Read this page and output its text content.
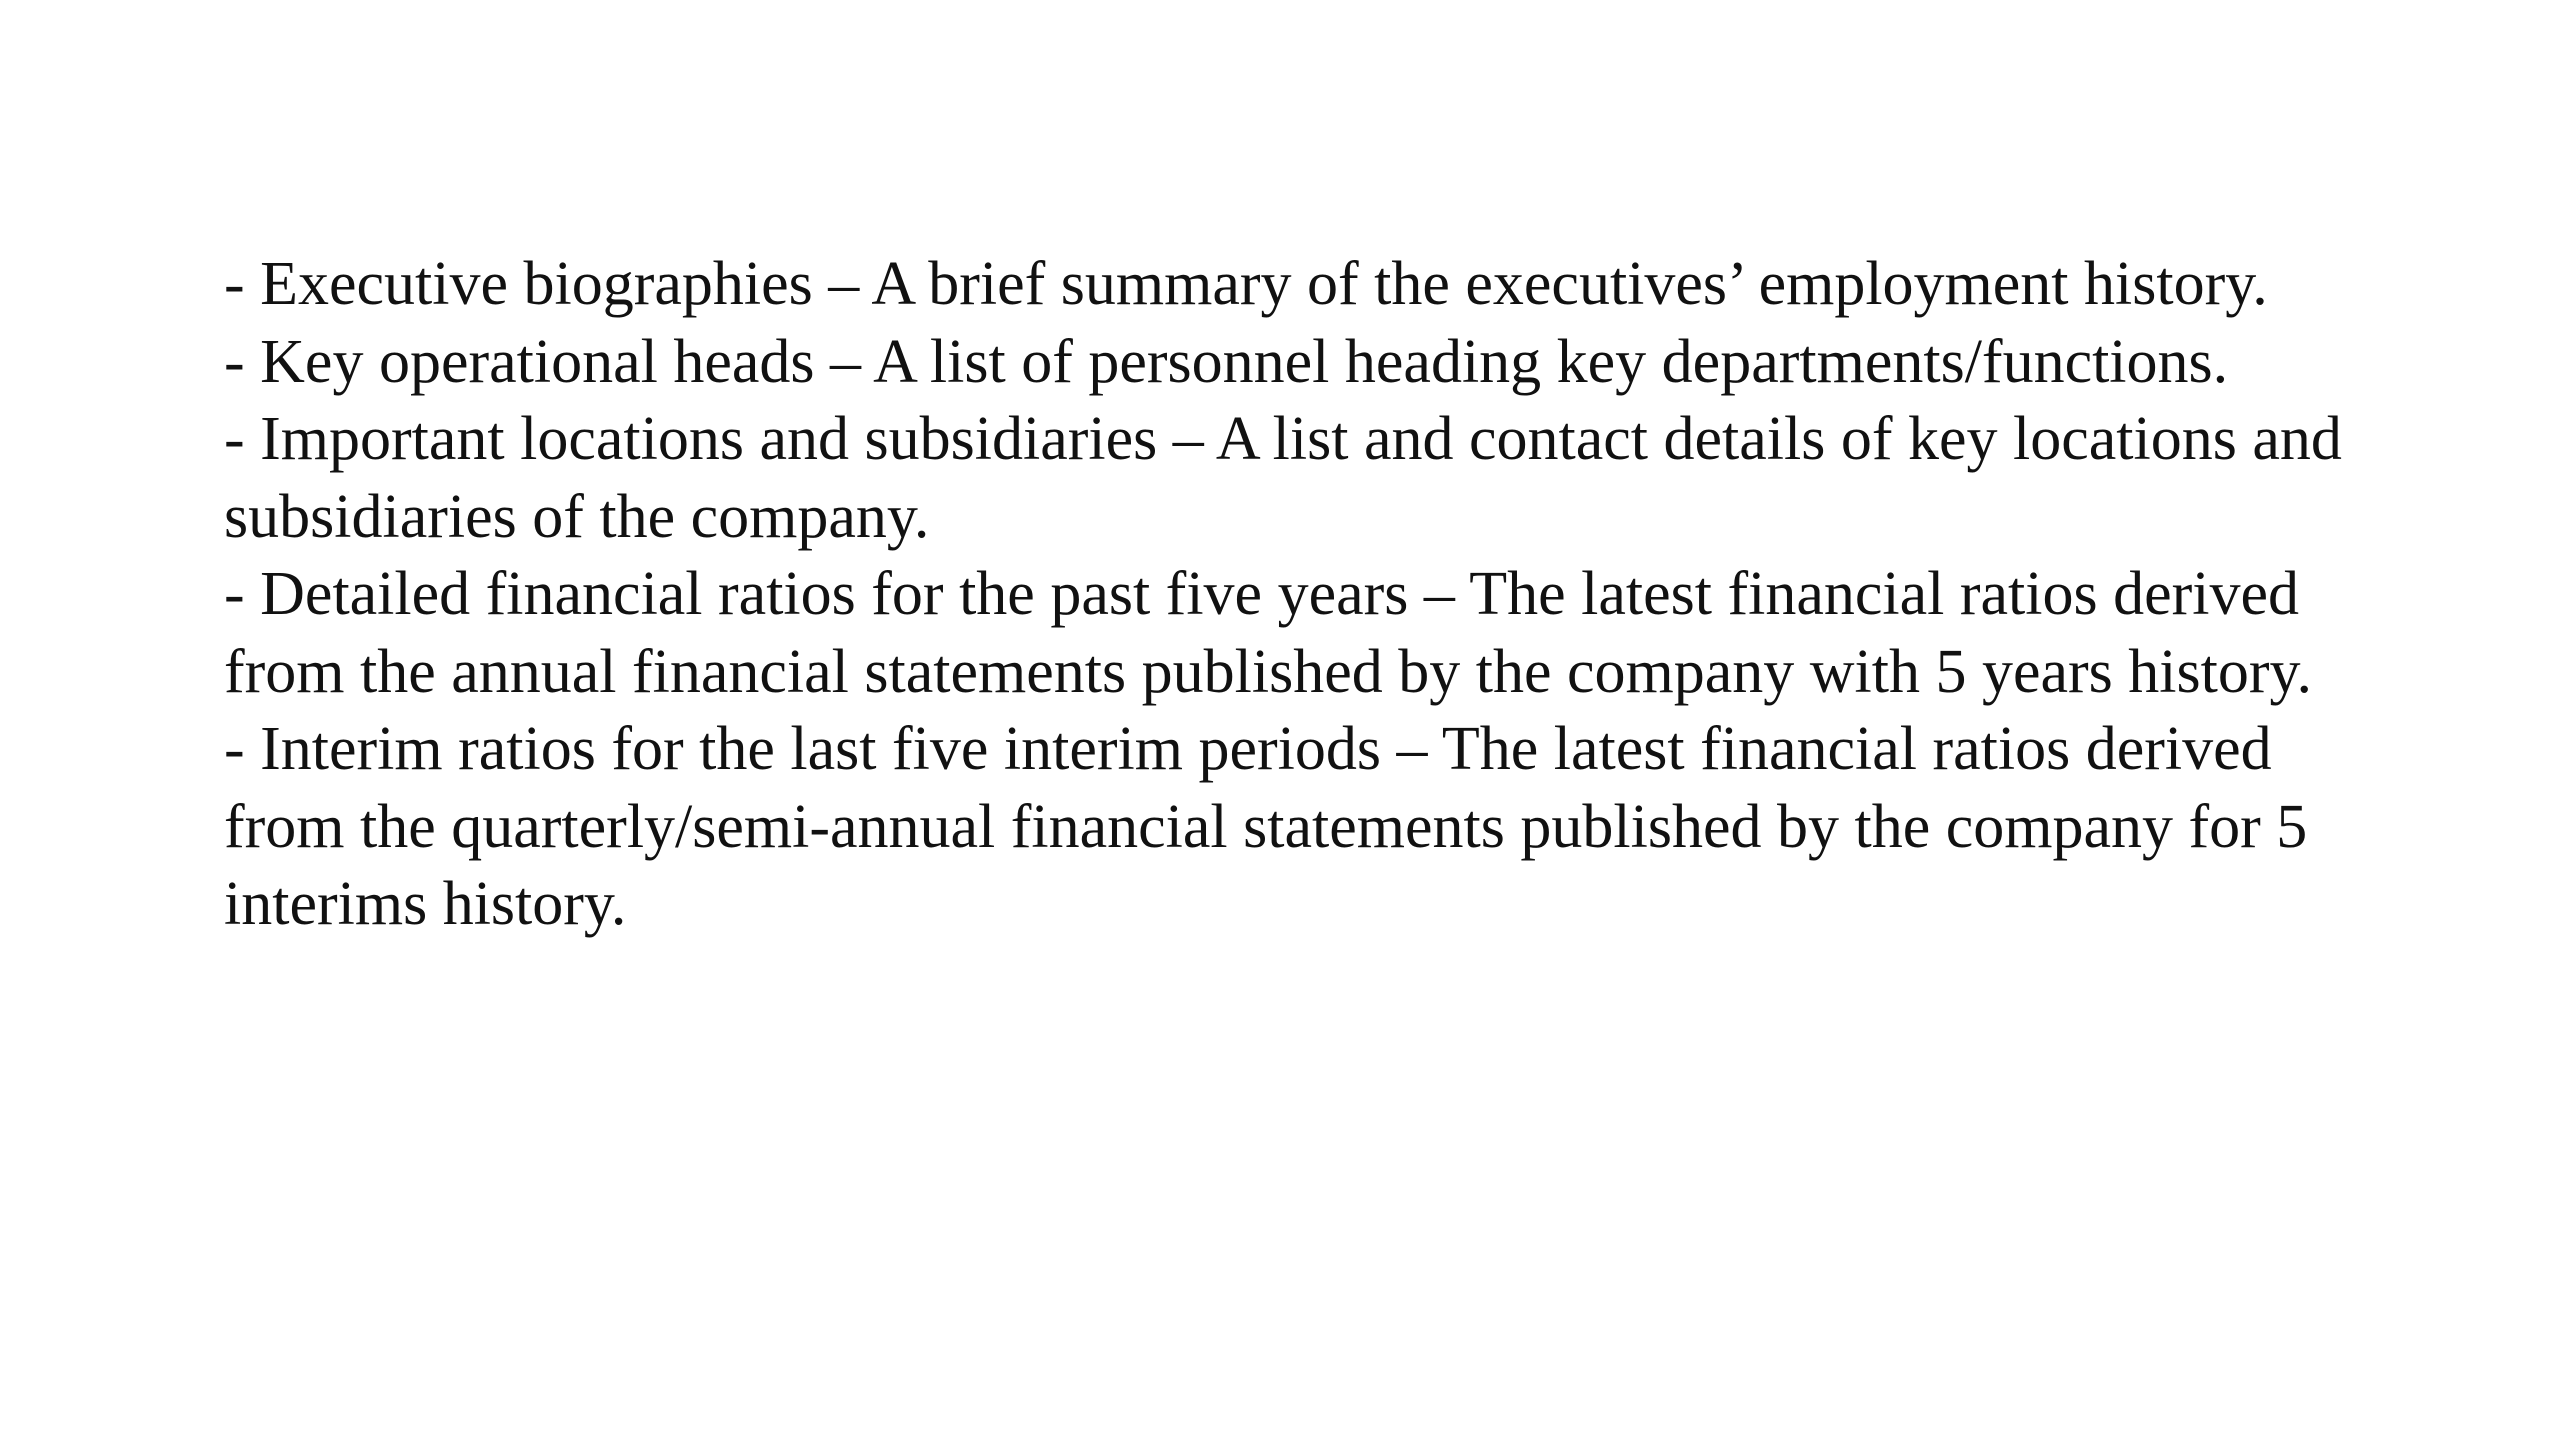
- Executive biographies – A brief summary of the executives’ employment history.

- Key operational heads – A list of personnel heading key departments/functions.

- Important locations and subsidiaries – A list and contact details of key locations and subsidiaries of the company.

- Detailed financial ratios for the past five years – The latest financial ratios derived from the annual financial statements published by the company with 5 years history.

- Interim ratios for the last five interim periods – The latest financial ratios derived from the quarterly/semi-annual financial statements published by the company for 5 interims history.
